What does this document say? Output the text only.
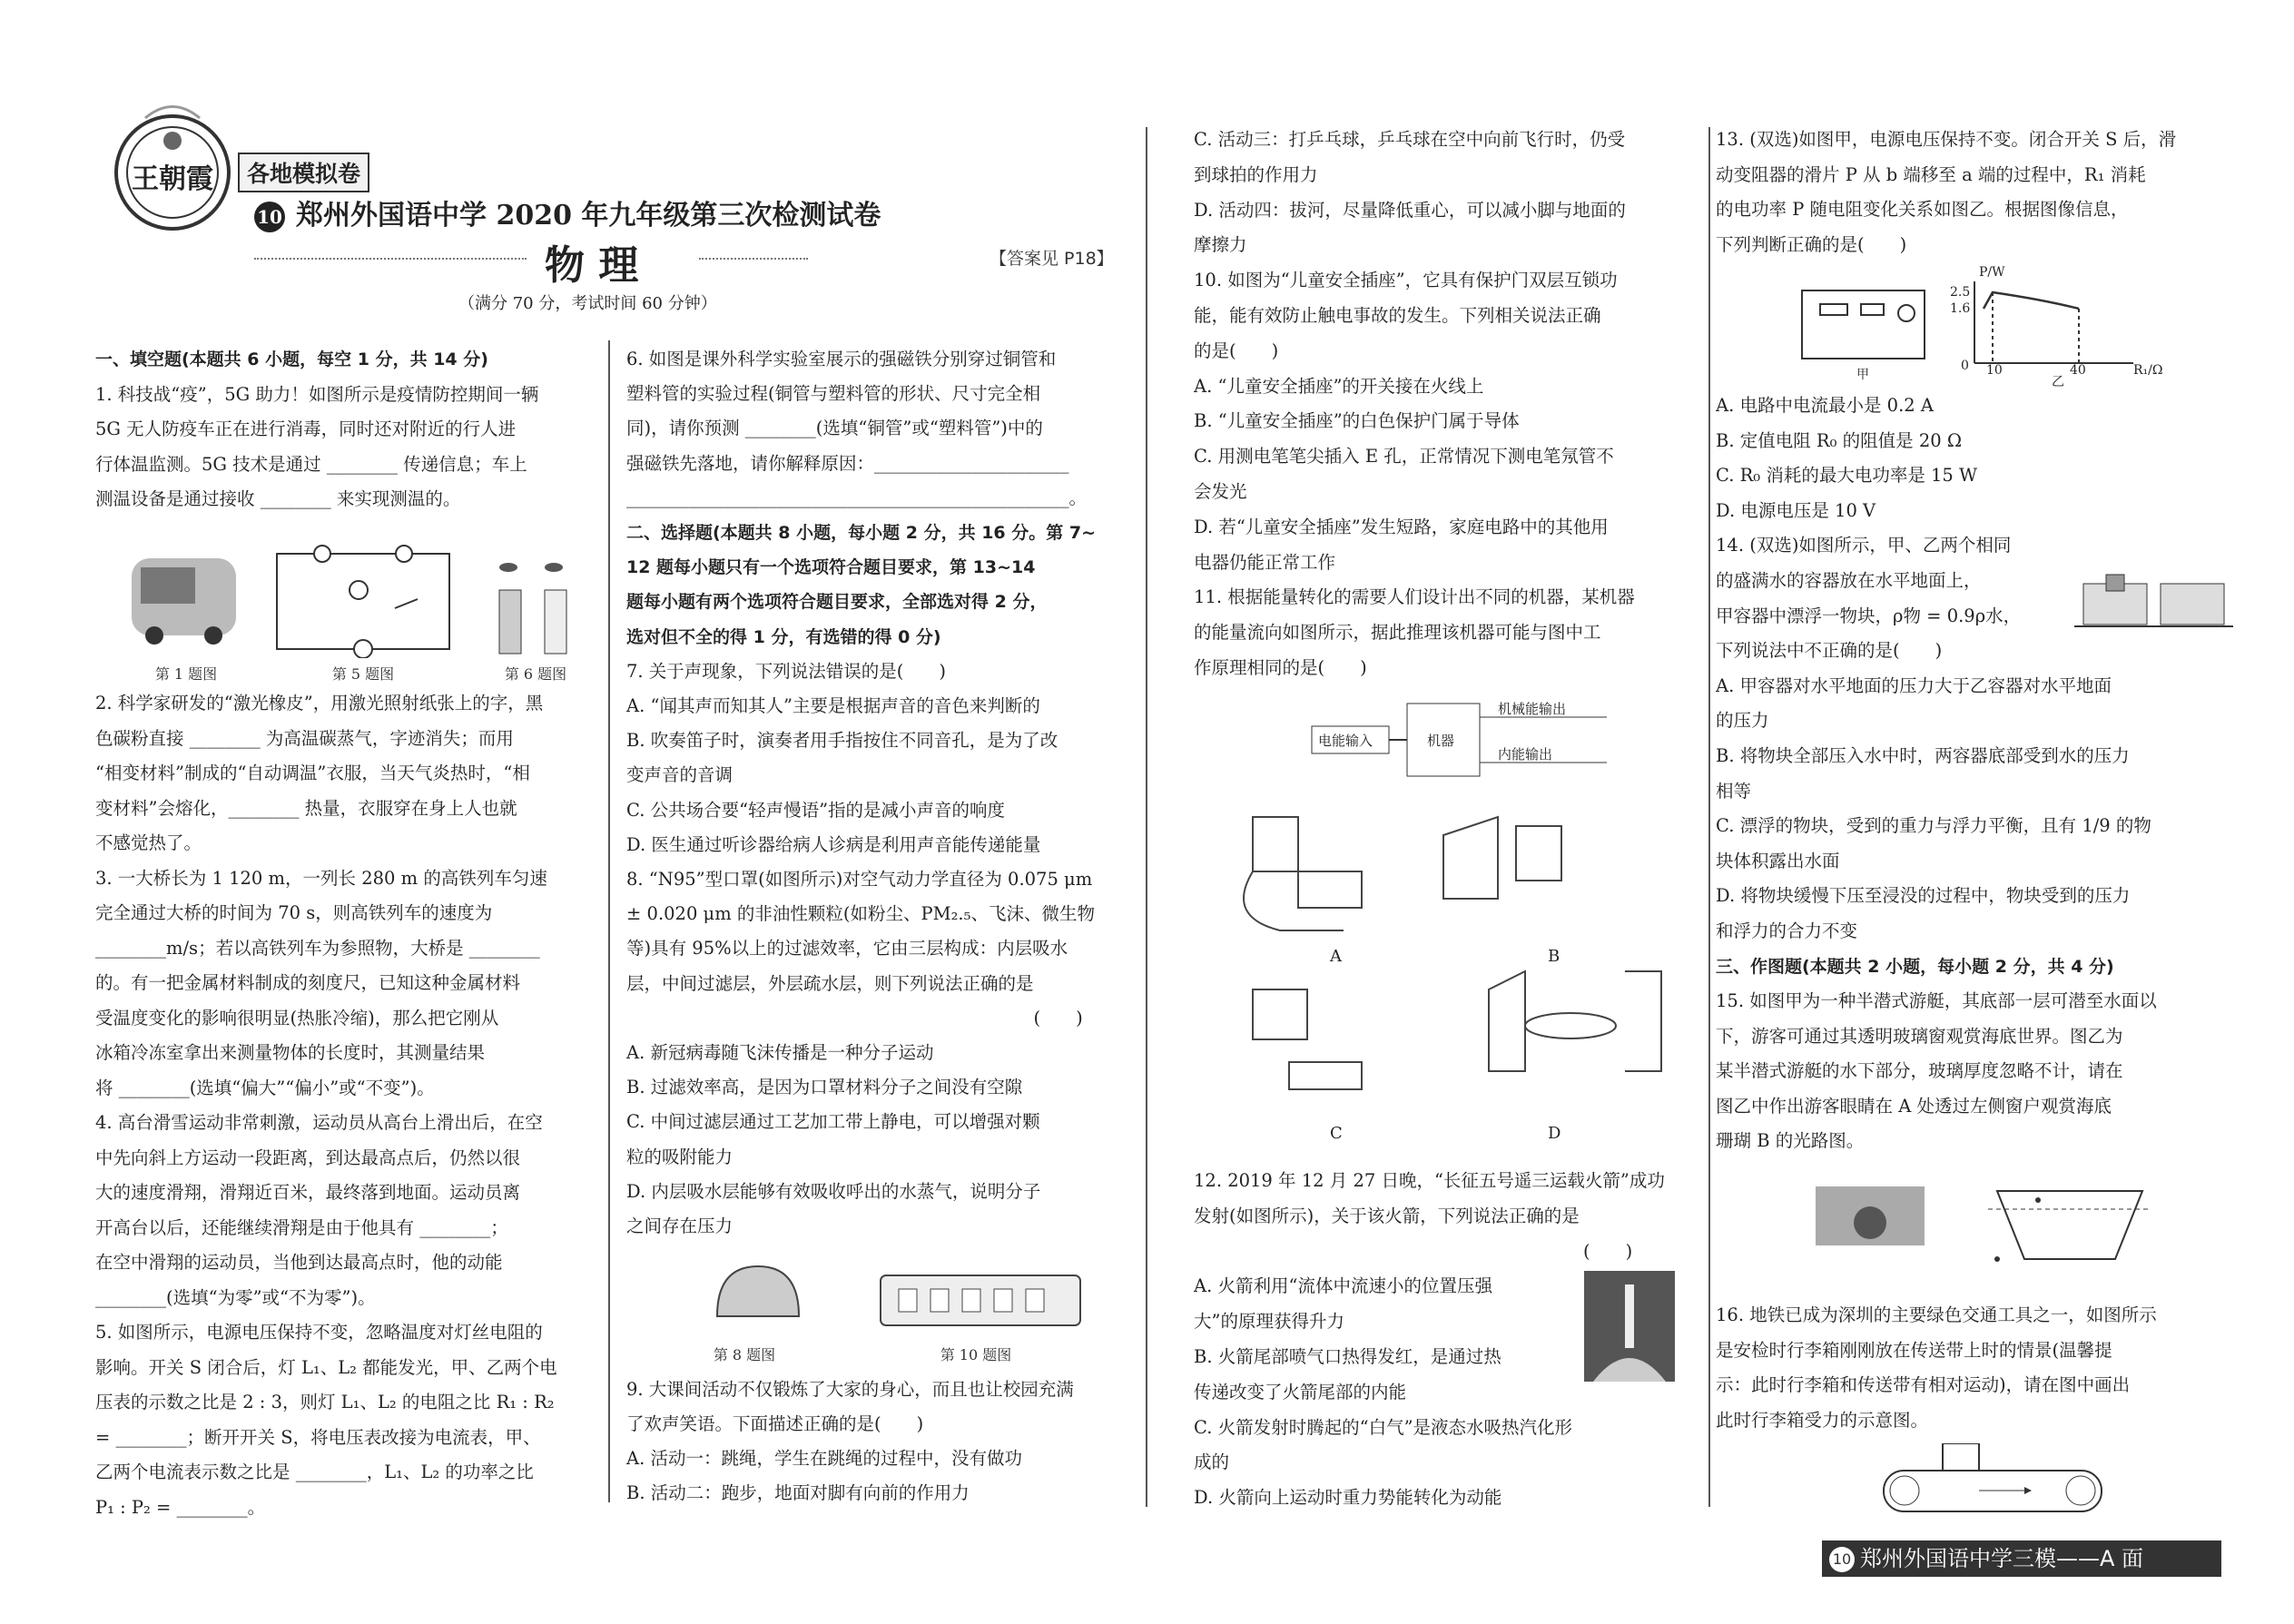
王朝霞	各地模拟卷
10 郑州外国语中学 2020 年九年级第三次检测试卷
物 理	【答案见 P18】
（满分 70 分，考试时间 60 分钟）
一、填空题(本题共 6 小题，每空 1 分，共 14 分)
1. 科技战“疫”，5G 助力！如图所示是疫情防控期间一辆
5G 无人防疫车正在进行消毒，同时还对附近的行人进
行体温监测。5G 技术是通过 ________ 传递信息；车上
测温设备是通过接收 ________ 来实现测温的。
第 1 题图	第 5 题图	第 6 题图
2. 科学家研发的“激光橡皮”，用激光照射纸张上的字，黑
色碳粉直接 ________ 为高温碳蒸气，字迹消失；而用
“相变材料”制成的“自动调温”衣服，当天气炎热时，“相
变材料”会熔化，________ 热量，衣服穿在身上人也就
不感觉热了。
3. 一大桥长为 1 120 m，一列长 280 m 的高铁列车匀速
完全通过大桥的时间为 70 s，则高铁列车的速度为
________m/s；若以高铁列车为参照物，大桥是 ________
的。有一把金属材料制成的刻度尺，已知这种金属材料
受温度变化的影响很明显(热胀冷缩)，那么把它刚从
冰箱冷冻室拿出来测量物体的长度时，其测量结果
将 ________(选填“偏大”“偏小”或“不变”)。
4. 高台滑雪运动非常刺激，运动员从高台上滑出后，在空
中先向斜上方运动一段距离，到达最高点后，仍然以很
大的速度滑翔，滑翔近百米，最终落到地面。运动员离
开高台以后，还能继续滑翔是由于他具有 ________；
在空中滑翔的运动员，当他到达最高点时，他的动能
________(选填“为零”或“不为零”)。
5. 如图所示，电源电压保持不变，忽略温度对灯丝电阻的
影响。开关 S 闭合后，灯 L₁、L₂ 都能发光，甲、乙两个电
压表的示数之比是 2 : 3，则灯 L₁、L₂ 的电阻之比 R₁ : R₂
= ________；断开开关 S，将电压表改接为电流表，甲、
乙两个电流表示数之比是 ________，L₁、L₂ 的功率之比
P₁ : P₂ = ________。
6. 如图是课外科学实验室展示的强磁铁分别穿过铜管和
塑料管的实验过程(铜管与塑料管的形状、尺寸完全相
同)，请你预测 ________(选填“铜管”或“塑料管”)中的
强磁铁先落地，请你解释原因：______________________
__________________________________________________。
二、选择题(本题共 8 小题，每小题 2 分，共 16 分。第 7~
12 题每小题只有一个选项符合题目要求，第 13~14
题每小题有两个选项符合题目要求，全部选对得 2 分，
选对但不全的得 1 分，有选错的得 0 分)
7. 关于声现象，下列说法错误的是(　　)
A. “闻其声而知其人”主要是根据声音的音色来判断的
B. 吹奏笛子时，演奏者用手指按住不同音孔，是为了改
变声音的音调
C. 公共场合要“轻声慢语”指的是减小声音的响度
D. 医生通过听诊器给病人诊病是利用声音能传递能量
8. “N95”型口罩(如图所示)对空气动力学直径为 0.075 μm
± 0.020 μm 的非油性颗粒(如粉尘、PM₂.₅、飞沫、微生物
等)具有 95%以上的过滤效率，它由三层构成：内层吸水
层，中间过滤层，外层疏水层，则下列说法正确的是
　　　　　　　　　　　　　　　　　　　　　　　(　　)
A. 新冠病毒随飞沫传播是一种分子运动
B. 过滤效率高，是因为口罩材料分子之间没有空隙
C. 中间过滤层通过工艺加工带上静电，可以增强对颗
粒的吸附能力
D. 内层吸水层能够有效吸收呼出的水蒸气，说明分子
之间存在压力
第 8 题图	第 10 题图
9. 大课间活动不仅锻炼了大家的身心，而且也让校园充满
了欢声笑语。下面描述正确的是(　　)
A. 活动一：跳绳，学生在跳绳的过程中，没有做功
B. 活动二：跑步，地面对脚有向前的作用力
C. 活动三：打乒乓球，乒乓球在空中向前飞行时，仍受
到球拍的作用力
D. 活动四：拔河，尽量降低重心，可以减小脚与地面的
摩擦力
10. 如图为“儿童安全插座”，它具有保护门双层互锁功
能，能有效防止触电事故的发生。下列相关说法正确
的是(　　)
A. “儿童安全插座”的开关接在火线上
B. “儿童安全插座”的白色保护门属于导体
C. 用测电笔笔尖插入 E 孔，正常情况下测电笔氖管不
会发光
D. 若“儿童安全插座”发生短路，家庭电路中的其他用
电器仍能正常工作
11. 根据能量转化的需要人们设计出不同的机器，某机器
的能量流向如图所示，据此推理该机器可能与图中工
作原理相同的是(　　)
电能输入	机器
机械能输出
内能输出
A	B
C	D
12. 2019 年 12 月 27 日晚，“长征五号遥三运载火箭”成功
发射(如图所示)，关于该火箭，下列说法正确的是
　　　　　　　　　　　　　　　　　　　　　　(　　)
A. 火箭利用“流体中流速小的位置压强
大”的原理获得升力
B. 火箭尾部喷气口热得发红，是通过热
传递改变了火箭尾部的内能
C. 火箭发射时腾起的“白气”是液态水吸热汽化形
成的
D. 火箭向上运动时重力势能转化为动能
13. (双选)如图甲，电源电压保持不变。闭合开关 S 后，滑
动变阻器的滑片 P 从 b 端移至 a 端的过程中，R₁ 消耗
的电功率 P 随电阻变化关系如图乙。根据图像信息，
下列判断正确的是(　　)
P/W
2.5
1.6
0 10	40	R₁/Ω
甲	乙
A. 电路中电流最小是 0.2 A
B. 定值电阻 R₀ 的阻值是 20 Ω
C. R₀ 消耗的最大电功率是 15 W
D. 电源电压是 10 V
14. (双选)如图所示，甲、乙两个相同
的盛满水的容器放在水平地面上，
甲容器中漂浮一物块，ρ物 = 0.9ρ水，
下列说法中不正确的是(　　)
A. 甲容器对水平地面的压力大于乙容器对水平地面
的压力
B. 将物块全部压入水中时，两容器底部受到水的压力
相等
C. 漂浮的物块，受到的重力与浮力平衡，且有 1/9 的物
块体积露出水面
D. 将物块缓慢下压至浸没的过程中，物块受到的压力
和浮力的合力不变
三、作图题(本题共 2 小题，每小题 2 分，共 4 分)
15. 如图甲为一种半潜式游艇，其底部一层可潜至水面以
下，游客可通过其透明玻璃窗观赏海底世界。图乙为
某半潜式游艇的水下部分，玻璃厚度忽略不计，请在
图乙中作出游客眼睛在 A 处透过左侧窗户观赏海底
珊瑚 B 的光路图。
16. 地铁已成为深圳的主要绿色交通工具之一，如图所示
是安检时行李箱刚刚放在传送带上时的情景(温馨提
示：此时行李箱和传送带有相对运动)，请在图中画出
此时行李箱受力的示意图。
10 郑州外国语中学三模——A 面
